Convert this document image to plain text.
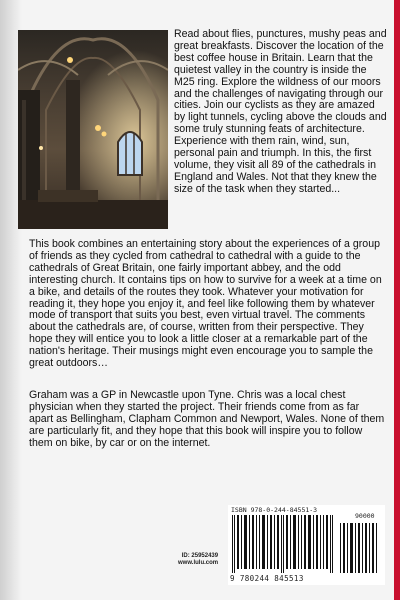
Read about flies, punctures, mushy peas and great breakfasts. Discover the location of the best coffee house in Britain. Learn that the quietest valley in the country is inside the M25 ring. Explore the wildness of our moors and the challenges of navigating through our cities. Join our cyclists as they are amazed by light tunnels, cycling above the clouds and some truly stunning feats of architecture. Experience with them rain, wind, sun, personal pain and triumph. In this, the first volume, they visit all 89 of the cathedrals in England and Wales. Not that they knew the size of the task when they started...

This book combines an entertaining story about the experiences of a group of friends as they cycled from cathedral to cathedral with a guide to the cathedrals of Great Britain, one fairly important abbey, and the odd interesting church. It contains tips on how to survive for a week at a time on a bike, and details of the routes they took. Whatever your motivation for reading it, they hope you enjoy it, and feel like following them by whatever mode of transport that suits you best, even virtual travel. The comments about the cathedrals are, of course, written from their perspective. They hope they will entice you to look a little closer at a remarkable part of the nation's heritage. Their musings might even encourage you to sample the great outdoors…

Graham was a GP in Newcastle upon Tyne. Chris was a local chest physician when they started the project. Their friends come from as far apart as Bellingham, Clapham Common and Newport, Wales. None of them are particularly fit, and they hope that this book will inspire you to follow them on bike, by car or on the internet.

ID: 25952439
www.lulu.com
ISBN 978-0-244-84551-3
90000
9 780244 845513
